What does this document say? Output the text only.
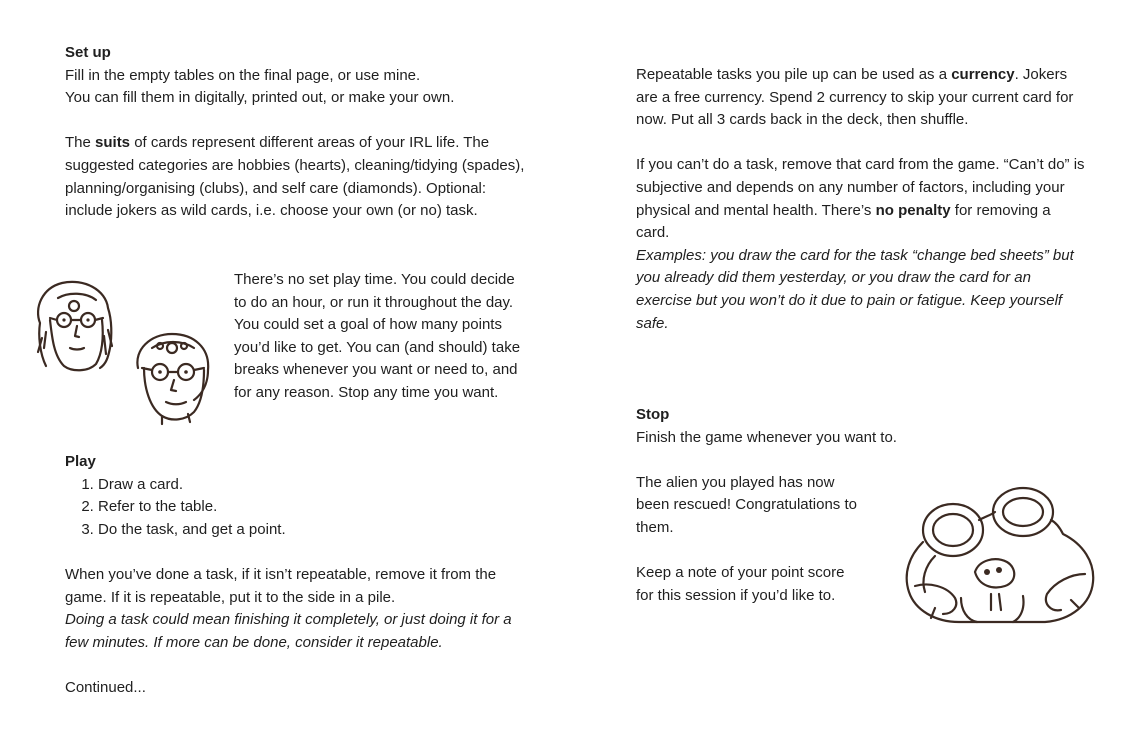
Set up

Fill in the empty tables on the final page, or use mine.

You can fill them in digitally, printed out, or make your own.

The suits of cards represent different areas of your IRL life. The suggested categories are hobbies (hearts), cleaning/tidying (spades), planning/organising (clubs), and self care (diamonds). Optional: include jokers as wild cards, i.e. choose your own (or no) task.

There’s no set play time. You could decide to do an hour, or run it throughout the day. You could set a goal of how many points you’d like to get. You can (and should) take breaks whenever you want or need to, and for any reason. Stop any time you want.

Play
1. Draw a card.
2. Refer to the table.
3. Do the task, and get a point.

When you’ve done a task, if it isn’t repeatable, remove it from the game. If it is repeatable, put it to the side in a pile.

Doing a task could mean finishing it completely, or just doing it for a few minutes. If more can be done, consider it repeatable.

Continued...

Repeatable tasks you pile up can be used as a currency. Jokers are a free currency. Spend 2 currency to skip your current card for now. Put all 3 cards back in the deck, then shuffle.

If you can’t do a task, remove that card from the game. “Can’t do” is subjective and depends on any number of factors, including your physical and mental health. There’s no penalty for removing a card.

Examples: you draw the card for the task “change bed sheets” but you already did them yesterday, or you draw the card for an exercise but you won’t do it due to pain or fatigue. Keep yourself safe.

Stop

Finish the game whenever you want to.

The alien you played has now been rescued! Congratulations to them.

Keep a note of your point score for this session if you’d like to.
